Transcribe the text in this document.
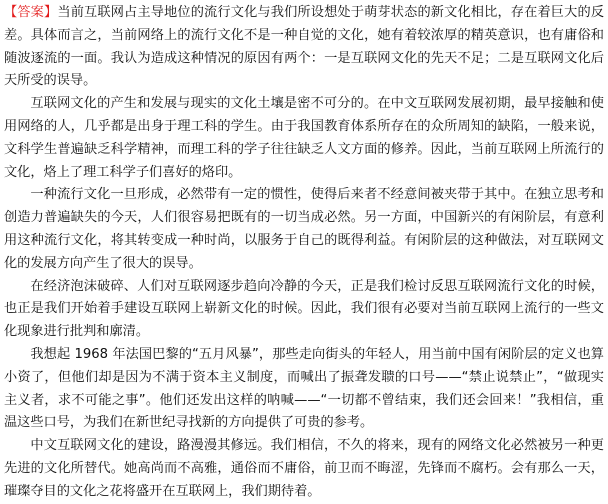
【答案】当前互联网占主导地位的流行文化与我们所设想处于萌芽状态的新文化相比，存在着巨大的反差。具体而言之，当前网络上的流行文化不是一种自觉的文化，她有着较浓厚的精英意识，也有庸俗和随波逐流的一面。我认为造成这种情况的原因有两个：一是互联网文化的先天不足；二是互联网文化后天所受的误导。

互联网文化的产生和发展与现实的文化土壤是密不可分的。在中文互联网发展初期，最早接触和使用网络的人，几乎都是出身于理工科的学生。由于我国教育体系所存在的众所周知的缺陷，一般来说，文科学生普遍缺乏科学精神，而理工科的学子往往缺乏人文方面的修养。因此，当前互联网上所流行的文化，烙上了理工科学子们喜好的烙印。

一种流行文化一旦形成，必然带有一定的惯性，使得后来者不经意间被夹带于其中。在独立思考和创造力普遍缺失的今天，人们很容易把既有的一切当成必然。另一方面，中国新兴的有闲阶层，有意利用这种流行文化，将其转变成一种时尚，以服务于自己的既得利益。有闲阶层的这种做法，对互联网文化的发展方向产生了很大的误导。

在经济泡沫破碎、人们对互联网逐步趋向冷静的今天，正是我们检讨反思互联网流行文化的时候，也正是我们开始着手建设互联网上崭新文化的时候。因此，我们很有必要对当前互联网上流行的一些文化现象进行批判和廓清。

我想起 1968 年法国巴黎的“五月风暴”，那些走向街头的年轻人，用当前中国有闲阶层的定义也算小资了，但他们却是因为不满于资本主义制度，而喊出了振聋发聩的口号——“禁止说禁止”，“做现实主义者，求不可能之事”。他们还发出这样的呐喊——“一切都不曾结束，我们还会回来！”我相信，重温这些口号，为我们在新世纪寻找新的方向提供了可贵的参考。

中文互联网文化的建设，路漫漫其修远。我们相信，不久的将来，现有的网络文化必然被另一种更先进的文化所替代。她高尚而不高雅，通俗而不庸俗，前卫而不晦涩，先锋而不腐朽。会有那么一天，璀璨夺目的文化之花将盛开在互联网上，我们期待着。
